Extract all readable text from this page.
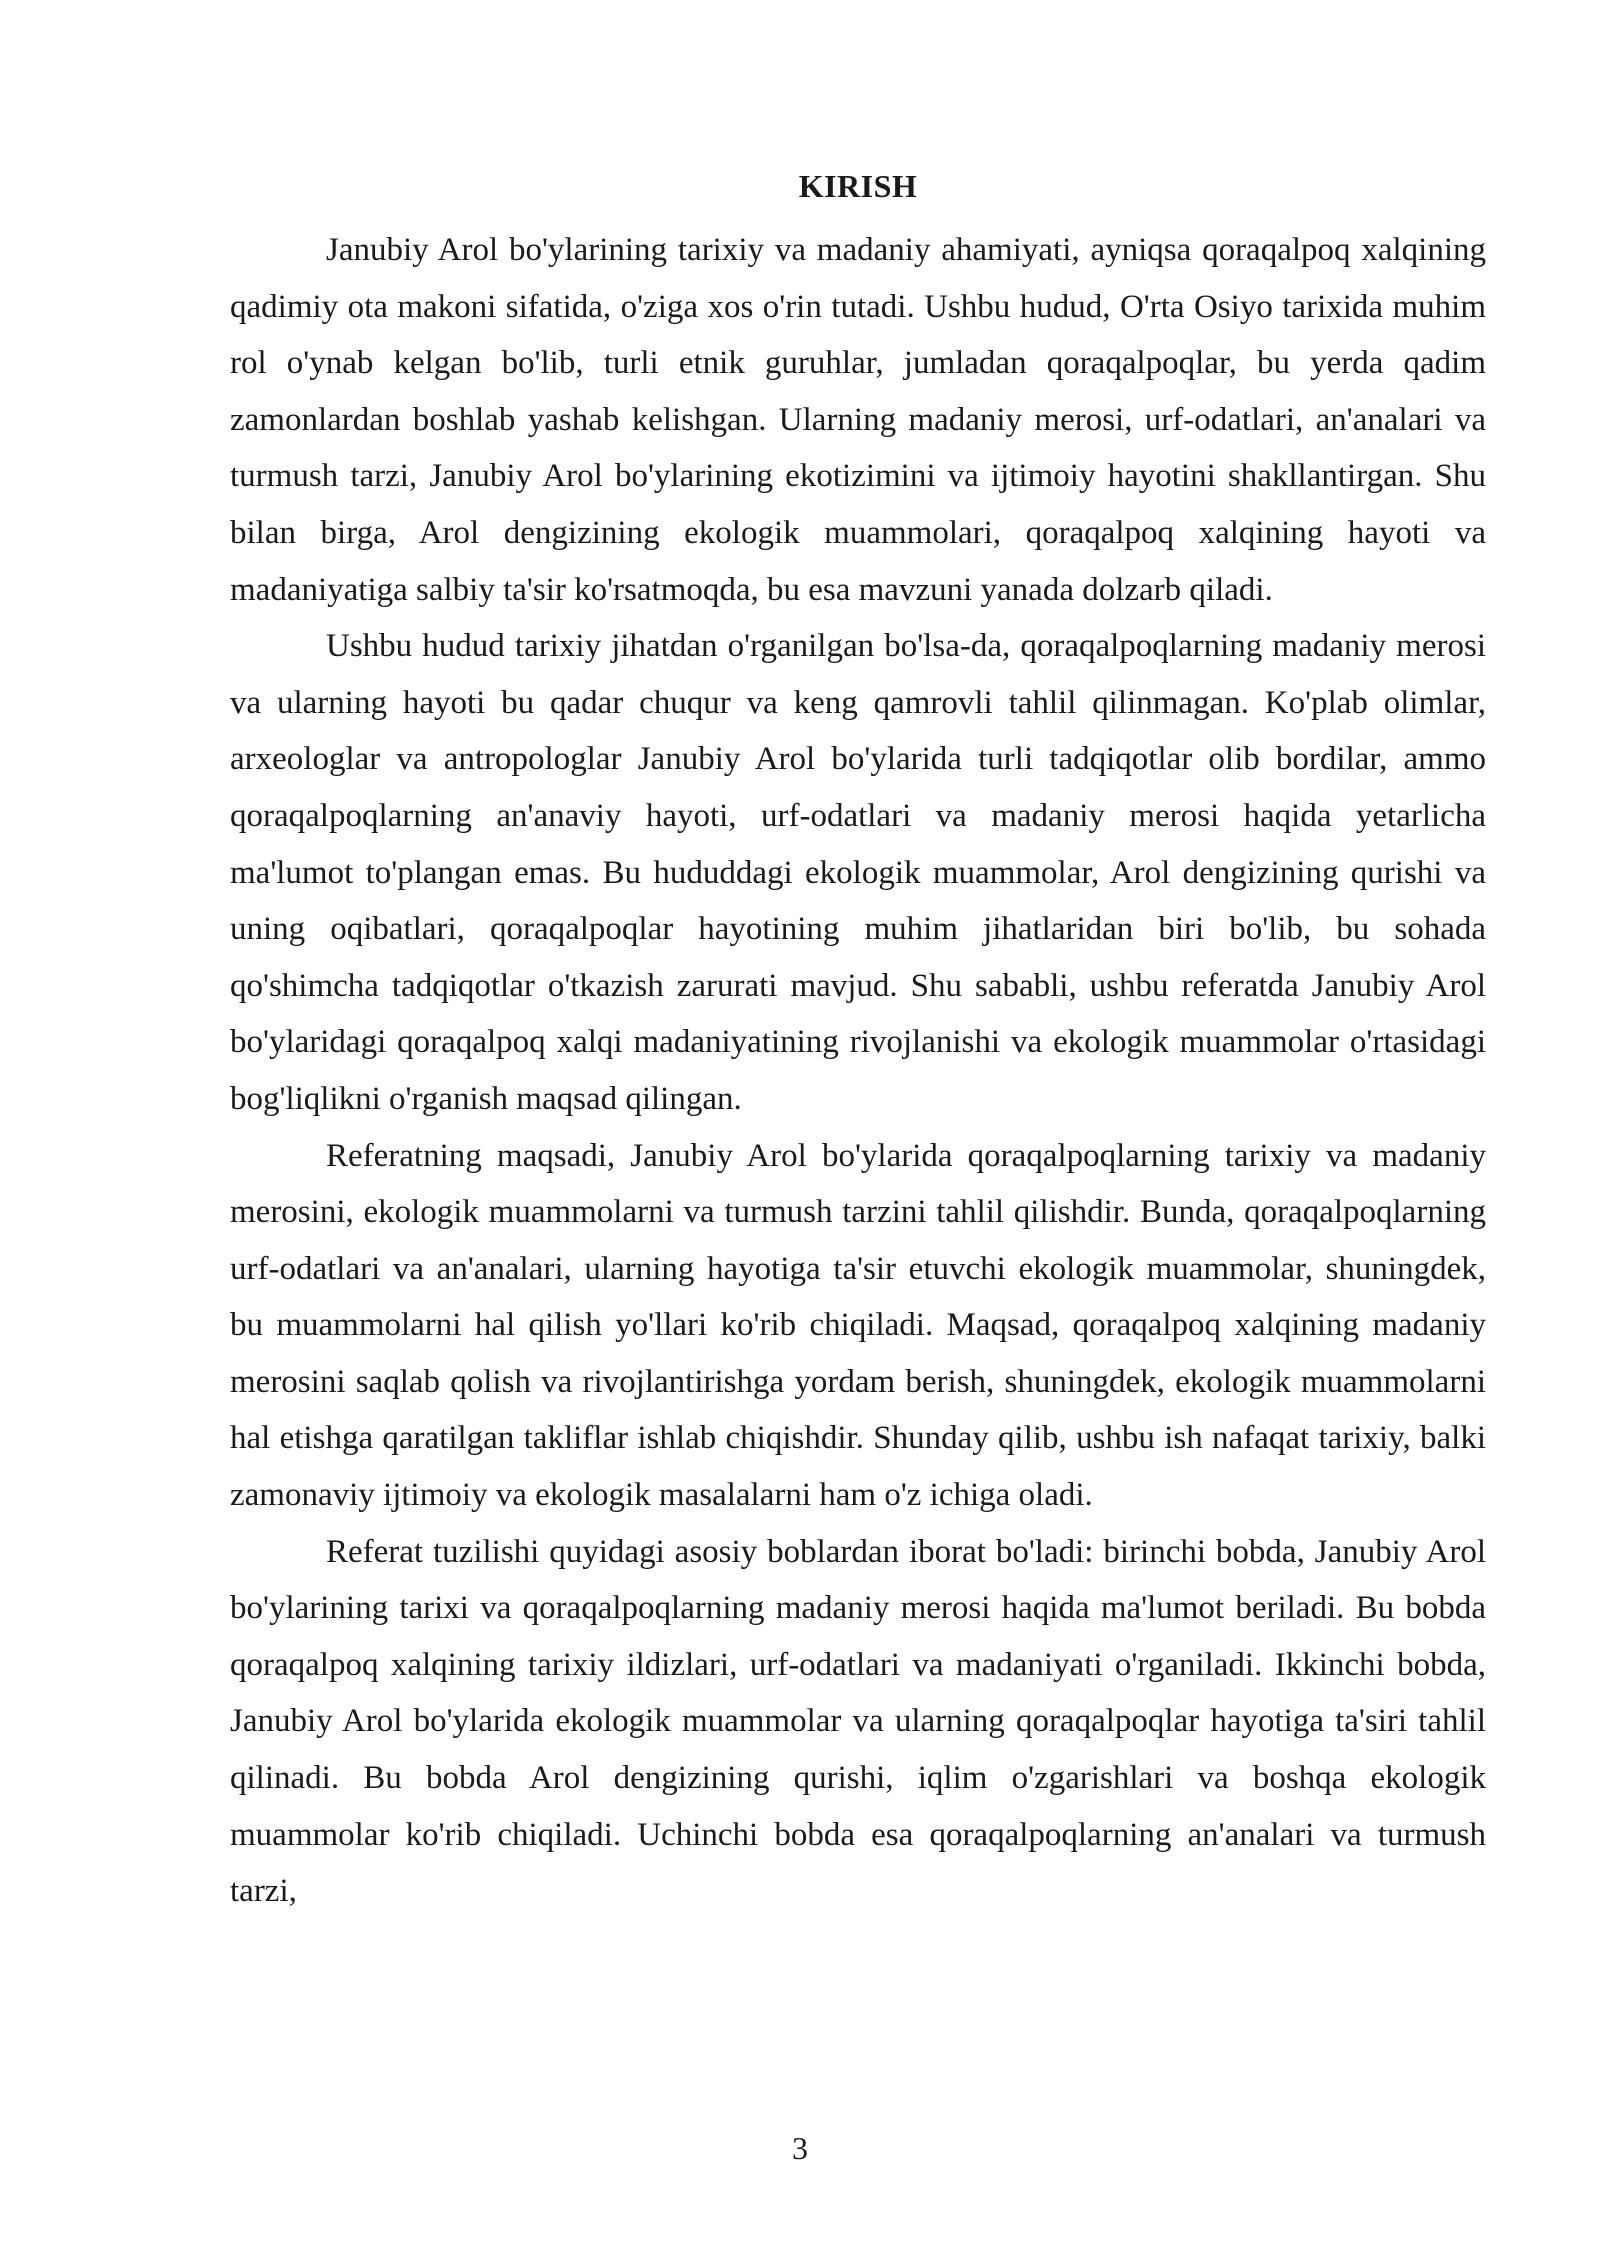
KIRISH

Janubiy Arol bo'ylarining tarixiy va madaniy ahamiyati, ayniqsa qoraqalpoq xalqining qadimiy ota makoni sifatida, o'ziga xos o'rin tutadi. Ushbu hudud, O'rta Osiyo tarixida muhim rol o'ynab kelgan bo'lib, turli etnik guruhlar, jumladan qoraqalpoqlar, bu yerda qadim zamonlardan boshlab yashab kelishgan. Ularning madaniy merosi, urf-odatlari, an'analari va turmush tarzi, Janubiy Arol bo'ylarining ekotizimini va ijtimoiy hayotini shakllantirgan. Shu bilan birga, Arol dengizining ekologik muammolari, qoraqalpoq xalqining hayoti va madaniyatiga salbiy ta'sir ko'rsatmoqda, bu esa mavzuni yanada dolzarb qiladi.

Ushbu hudud tarixiy jihatdan o'rganilgan bo'lsa-da, qoraqalpoqlarning madaniy merosi va ularning hayoti bu qadar chuqur va keng qamrovli tahlil qilinmagan. Ko'plab olimlar, arxeologlar va antropologlar Janubiy Arol bo'ylarida turli tadqiqotlar olib bordilar, ammo qoraqalpoqlarning an'anaviy hayoti, urf-odatlari va madaniy merosi haqida yetarlicha ma'lumot to'plangan emas. Bu hududdagi ekologik muammolar, Arol dengizining qurishi va uning oqibatlari, qoraqalpoqlar hayotining muhim jihatlaridan biri bo'lib, bu sohada qo'shimcha tadqiqotlar o'tkazish zarurati mavjud. Shu sababli, ushbu referatda Janubiy Arol bo'ylaridagi qoraqalpoq xalqi madaniyatining rivojlanishi va ekologik muammolar o'rtasidagi bog'liqlikni o'rganish maqsad qilingan.

Referatning maqsadi, Janubiy Arol bo'ylarida qoraqalpoqlarning tarixiy va madaniy merosini, ekologik muammolarni va turmush tarzini tahlil qilishdir. Bunda, qoraqalpoqlarning urf-odatlari va an'analari, ularning hayotiga ta'sir etuvchi ekologik muammolar, shuningdek, bu muammolarni hal qilish yo'llari ko'rib chiqiladi. Maqsad, qoraqalpoq xalqining madaniy merosini saqlab qolish va rivojlantirishga yordam berish, shuningdek, ekologik muammolarni hal etishga qaratilgan takliflar ishlab chiqishdir. Shunday qilib, ushbu ish nafaqat tarixiy, balki zamonaviy ijtimoiy va ekologik masalalarni ham o'z ichiga oladi.

Referat tuzilishi quyidagi asosiy boblardan iborat bo'ladi: birinchi bobda, Janubiy Arol bo'ylarining tarixi va qoraqalpoqlarning madaniy merosi haqida ma'lumot beriladi. Bu bobda qoraqalpoq xalqining tarixiy ildizlari, urf-odatlari va madaniyati o'rganiladi. Ikkinchi bobda, Janubiy Arol bo'ylarida ekologik muammolar va ularning qoraqalpoqlar hayotiga ta'siri tahlil qilinadi. Bu bobda Arol dengizining qurishi, iqlim o'zgarishlari va boshqa ekologik muammolar ko'rib chiqiladi. Uchinchi bobda esa qoraqalpoqlarning an'analari va turmush tarzi,

3
